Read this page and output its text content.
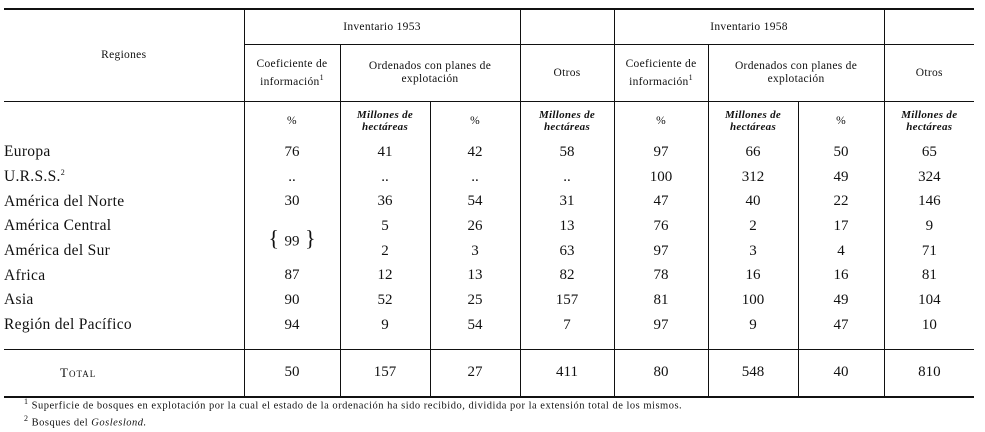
Regiones	Inventario 1953				Inventario 1958			
	Coeficiente de información$^1$	Ordenados con planes de explotación		Otros	Coeficiente de información$^1$	Ordenados con planes de explotación		Otros
	%	Millones de hectáreas	%	Millones de hectáreas	%	Millones de hectáreas	%	Millones de hectáreas
Europa	76	41	42	58	97	66	50	65
U.R.S.S.$^2$	..	..	..	..	100	312	49	324
América del Norte	30	36	54	31	47	40	22	146
América Central	{ 99 }	5	26	13	76	2	17	9
América del Sur		2	3	63	97	3	4	71
Africa	87	12	13	82	78	16	16	81
Asia	90	52	25	157	81	100	49	104
Región del Pacífico	94	9	54	7	97	9	47	10

Total	50	157	27	411	80	548	40	810
$^1$ Superficie de bosques en explotación por la cual el estado de la ordenación ha sido recibido, dividida por la extensión total de los mismos.
$^2$ Bosques del Gosleslond.
